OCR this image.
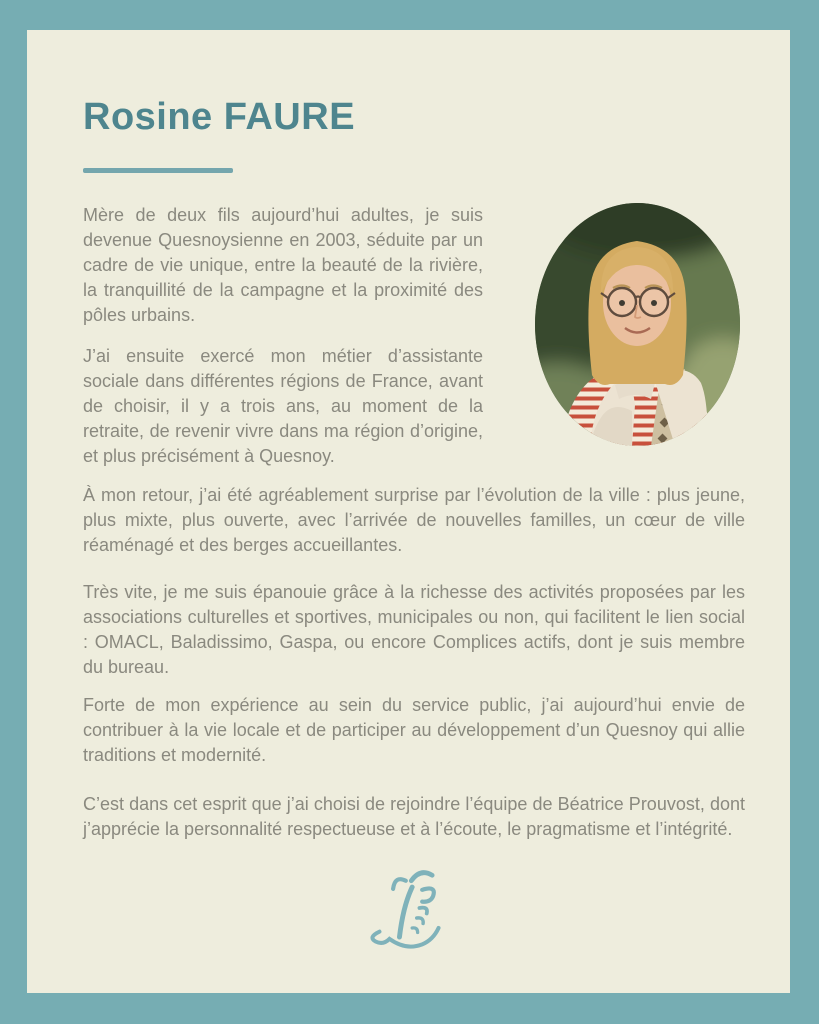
Rosine FAURE

Mère de deux fils aujourd’hui adultes, je suis devenue Quesnoysienne en 2003, séduite par un cadre de vie unique, entre la beauté de la rivière, la tranquillité de la campagne et la proximité des pôles urbains.

J’ai ensuite exercé mon métier d’assistante sociale dans différentes régions de France, avant de choisir, il y a trois ans, au moment de la retraite, de revenir vivre dans ma région d’origine, et plus précisément à Quesnoy.

À mon retour, j’ai été agréablement surprise par l’évolution de la ville : plus jeune, plus mixte, plus ouverte, avec l’arrivée de nouvelles familles, un cœur de ville réaménagé et des berges accueillantes.

Très vite, je me suis épanouie grâce à la richesse des activités proposées par les associations culturelles et sportives, municipales ou non, qui facilitent le lien social : OMACL, Baladissimo, Gaspa, ou encore Complices actifs, dont je suis membre du bureau.

Forte de mon expérience au sein du service public, j’ai aujourd’hui envie de contribuer à la vie locale et de participer au développement d’un Quesnoy qui allie traditions et modernité.

C’est dans cet esprit que j’ai choisi de rejoindre l’équipe de Béatrice Prouvost, dont j’apprécie la personnalité respectueuse et à l’écoute, le pragmatisme et l’intégrité.
